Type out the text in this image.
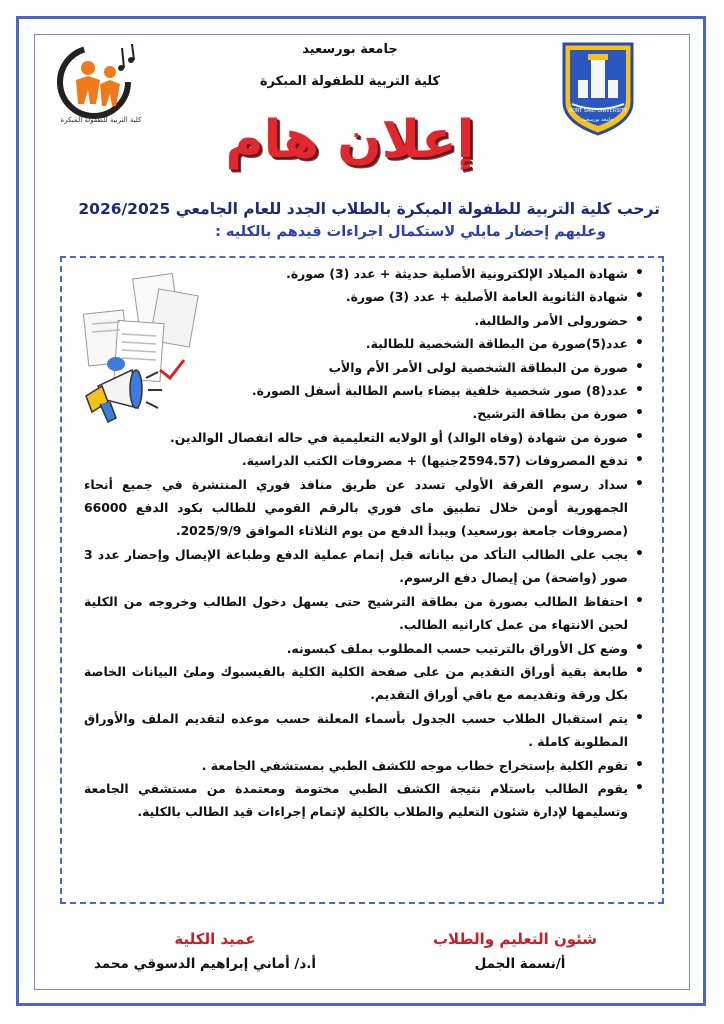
PORT SAID UNIVERSITY
جامعة بورسعيد
كلية التربية للطفولة المبكرة
جامعة بورسعيد
كلية التربية للطفولة المبكرة
إعلان هام
ترحب كلية التربية للطفولة المبكرة بالطلاب الجدد للعام الجامعي 2026/2025
وعليهم إحضار مايلي لاستكمال اجراءات قيدهم بالكليه :
• شهادة الميلاد الإلكترونية الأصلية حديثة + عدد (3) صورة.
• شهادة الثانوية العامة الأصلية + عدد (3) صورة.
• حضورولى الأمر والطالبة.
• عدد(5)صورة من البطاقة الشخصية للطالبة.
• صورة من البطاقة الشخصية لولى الأمر الأم والأب
• عدد(8) صور شخصية خلفية بيضاء باسم الطالبة أسفل الصورة.
• صورة من بطاقة الترشيح.
• صورة من شهادة (وفاه الوالد) أو الولايه التعليمية في حاله انفصال الوالدين.
• تدفع المصروفات (2594.57جنيها) + مصروفات الكتب الدراسية.
• سداد رسوم الفرقة الأولي تسدد عن طريق منافذ فوري المنتشرة في جميع أنحاء الجمهورية أومن خلال تطبيق ماى فوري بالرقم القومي للطالب بكود الدفع 66000 (مصروفات جامعة بورسعيد) ويبدأ الدفع من يوم الثلاثاء الموافق 2025/9/9.
• يجب على الطالب التأكد من بياناته قبل إتمام عملية الدفع وطباعة الإيصال وإحضار عدد 3 صور (واضحة) من إيصال دفع الرسوم.
• احتفاظ الطالب بصورة من بطاقة الترشيح حتى يسهل دخول الطالب وخروجه من الكلية لحين الانتهاء من عمل كارانيه الطالب.
• وضع كل الأوراق بالترتيب حسب المطلوب بملف كبسونه.
• طابعة بقية أوراق التقديم من على صفحة الكلية الكلية بالفيسبوك وملئ البيانات الخاصة بكل ورقة وتقديمه مع باقي أوراق التقديم.
• يتم استقبال الطلاب حسب الجدول بأسماء المعلنة حسب موعده لتقديم الملف والأوراق المطلوبة كاملة .
• تقوم الكلية بإستخراج خطاب موجه للكشف الطبي بمستشفي الجامعة .
• يقوم الطالب باستلام نتيجة الكشف الطبي مختومة ومعتمدة من مستشفي الجامعة وتسليمها لإدارة شئون التعليم والطلاب بالكلية لإتمام إجراءات قيد الطالب بالكلية.
شئون التعليم والطلاب
أ/نسمة الجمل
عميد الكلية
أ.د/ أماني إبراهيم الدسوقي محمد
